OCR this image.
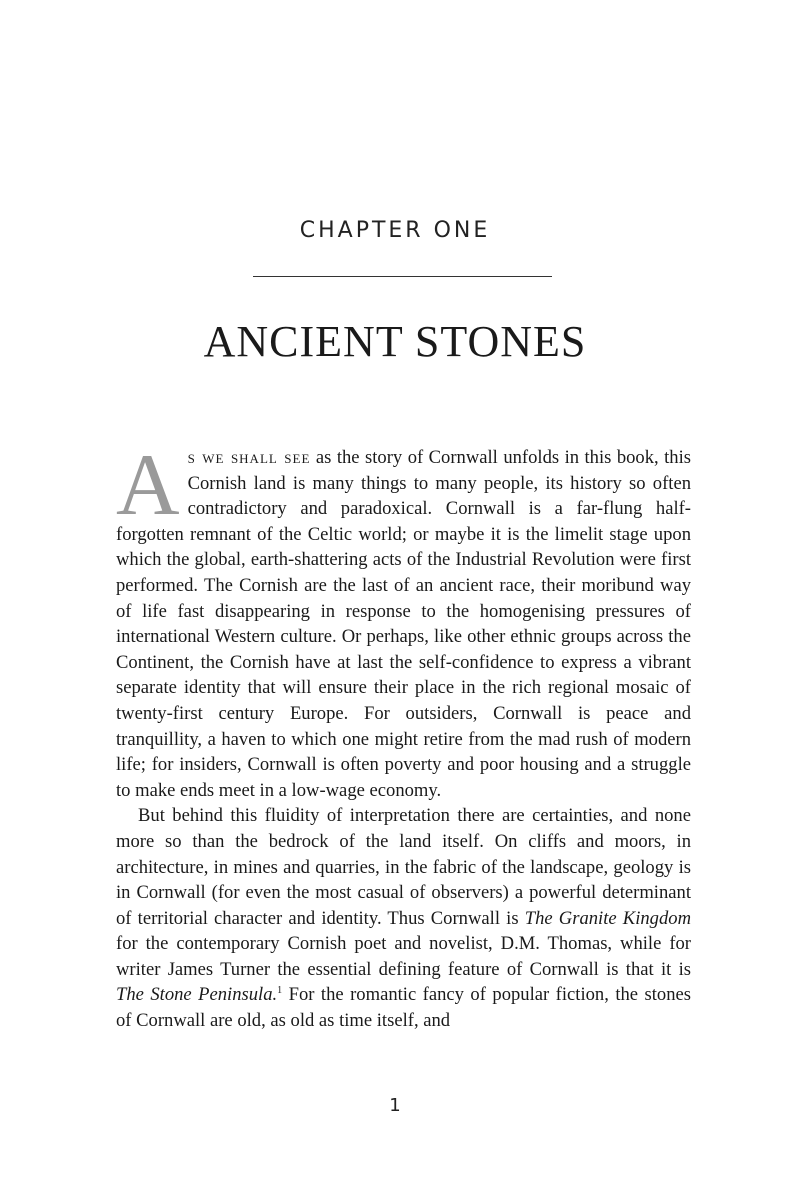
CHAPTER ONE
ANCIENT STONES

As we shall see as the story of Cornwall unfolds in this book, this Cornish land is many things to many people, its history so often contradictory and paradoxical. Cornwall is a far-flung half-forgotten remnant of the Celtic world; or maybe it is the limelit stage upon which the global, earth-shattering acts of the Industrial Revolution were first performed. The Cornish are the last of an ancient race, their moribund way of life fast disappearing in response to the homogenising pressures of international Western culture. Or perhaps, like other ethnic groups across the Continent, the Cornish have at last the self-confidence to express a vibrant separate identity that will ensure their place in the rich regional mosaic of twenty-first century Europe. For outsiders, Cornwall is peace and tranquillity, a haven to which one might retire from the mad rush of modern life; for insiders, Cornwall is often poverty and poor housing and a struggle to make ends meet in a low-wage economy.

But behind this fluidity of interpretation there are certainties, and none more so than the bedrock of the land itself. On cliffs and moors, in architecture, in mines and quarries, in the fabric of the landscape, geology is in Cornwall (for even the most casual of observers) a powerful determinant of territorial character and identity. Thus Cornwall is The Granite Kingdom for the contemporary Cornish poet and novelist, D.M. Thomas, while for writer James Turner the essential defining feature of Cornwall is that it is The Stone Peninsula.$^1$ For the romantic fancy of popular fiction, the stones of Cornwall are old, as old as time itself, and

1
